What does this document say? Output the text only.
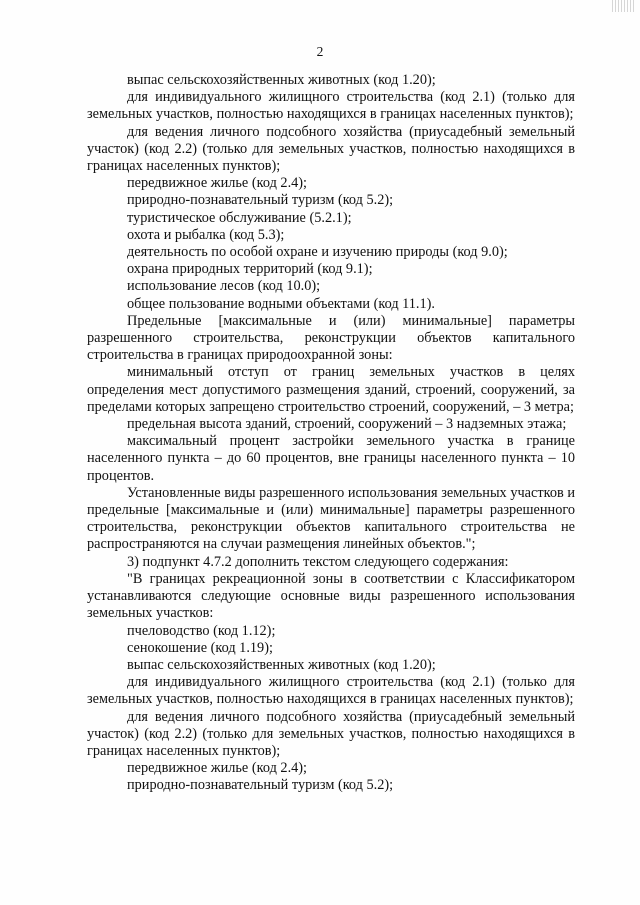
2

выпас сельскохозяйственных животных (код 1.20);

для индивидуального жилищного строительства (код 2.1) (только для земельных участков, полностью находящихся в границах населенных пунктов);

для ведения личного подсобного хозяйства (приусадебный земельный участок) (код 2.2) (только для земельных участков, полностью находящихся в границах населенных пунктов);

передвижное жилье (код 2.4);

природно-познавательный туризм (код 5.2);

туристическое обслуживание (5.2.1);

охота и рыбалка (код 5.3);

деятельность по особой охране и изучению природы (код 9.0);

охрана природных территорий (код 9.1);

использование лесов (код 10.0);

общее пользование водными объектами (код 11.1).

Предельные [максимальные и (или) минимальные] параметры разрешенного строительства, реконструкции объектов капитального строительства в границах природоохранной зоны:

минимальный отступ от границ земельных участков в целях определения мест допустимого размещения зданий, строений, сооружений, за пределами которых запрещено строительство строений, сооружений, – 3 метра;

предельная высота зданий, строений, сооружений – 3 надземных этажа;

максимальный процент застройки земельного участка в границе населенного пункта – до 60 процентов, вне границы населенного пункта – 10 процентов.

Установленные виды разрешенного использования земельных участков и предельные [максимальные и (или) минимальные] параметры разрешенного строительства, реконструкции объектов капитального строительства не распространяются на случаи размещения линейных объектов.";

3) подпункт 4.7.2 дополнить текстом следующего содержания:

"В границах рекреационной зоны в соответствии с Классификатором устанавливаются следующие основные виды разрешенного использования земельных участков:

пчеловодство (код 1.12);

сенокошение (код 1.19);

выпас сельскохозяйственных животных (код 1.20);

для индивидуального жилищного строительства (код 2.1) (только для земельных участков, полностью находящихся в границах населенных пунктов);

для ведения личного подсобного хозяйства (приусадебный земельный участок) (код 2.2) (только для земельных участков, полностью находящихся в границах населенных пунктов);

передвижное жилье (код 2.4);

природно-познавательный туризм (код 5.2);
